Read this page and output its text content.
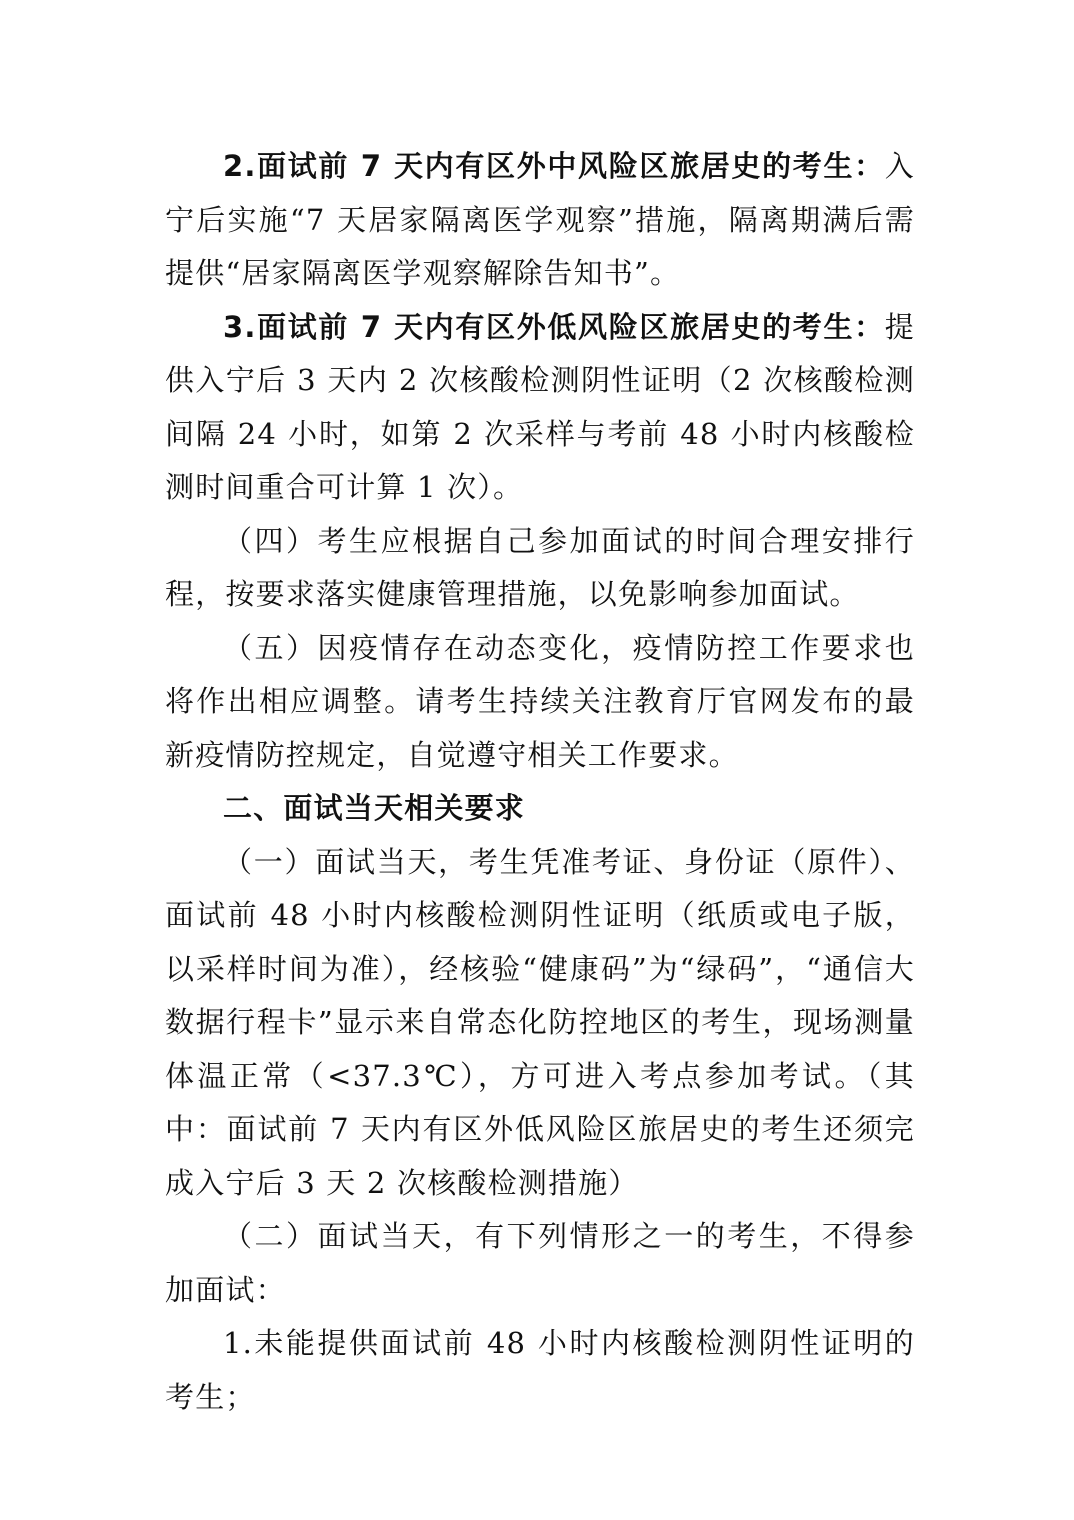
2.面试前 7 天内有区外中风险区旅居史的考生：入宁后实施“7 天居家隔离医学观察”措施，隔离期满后需提供“居家隔离医学观察解除告知书”。

3.面试前 7 天内有区外低风险区旅居史的考生：提供入宁后 3 天内 2 次核酸检测阴性证明（2 次核酸检测间隔 24 小时，如第 2 次采样与考前 48 小时内核酸检测时间重合可计算 1 次）。

（四）考生应根据自己参加面试的时间合理安排行程，按要求落实健康管理措施，以免影响参加面试。

（五）因疫情存在动态变化，疫情防控工作要求也将作出相应调整。请考生持续关注教育厅官网发布的最新疫情防控规定，自觉遵守相关工作要求。

二、面试当天相关要求

（一）面试当天，考生凭准考证、身份证（原件）、面试前 48 小时内核酸检测阴性证明（纸质或电子版，以采样时间为准），经核验“健康码”为“绿码”，“通信大数据行程卡”显示来自常态化防控地区的考生，现场测量体温正常（<37.3℃），方可进入考点参加考试。（其中：面试前 7 天内有区外低风险区旅居史的考生还须完成入宁后 3 天 2 次核酸检测措施）

（二）面试当天，有下列情形之一的考生，不得参加面试：

1.未能提供面试前 48 小时内核酸检测阴性证明的考生；
